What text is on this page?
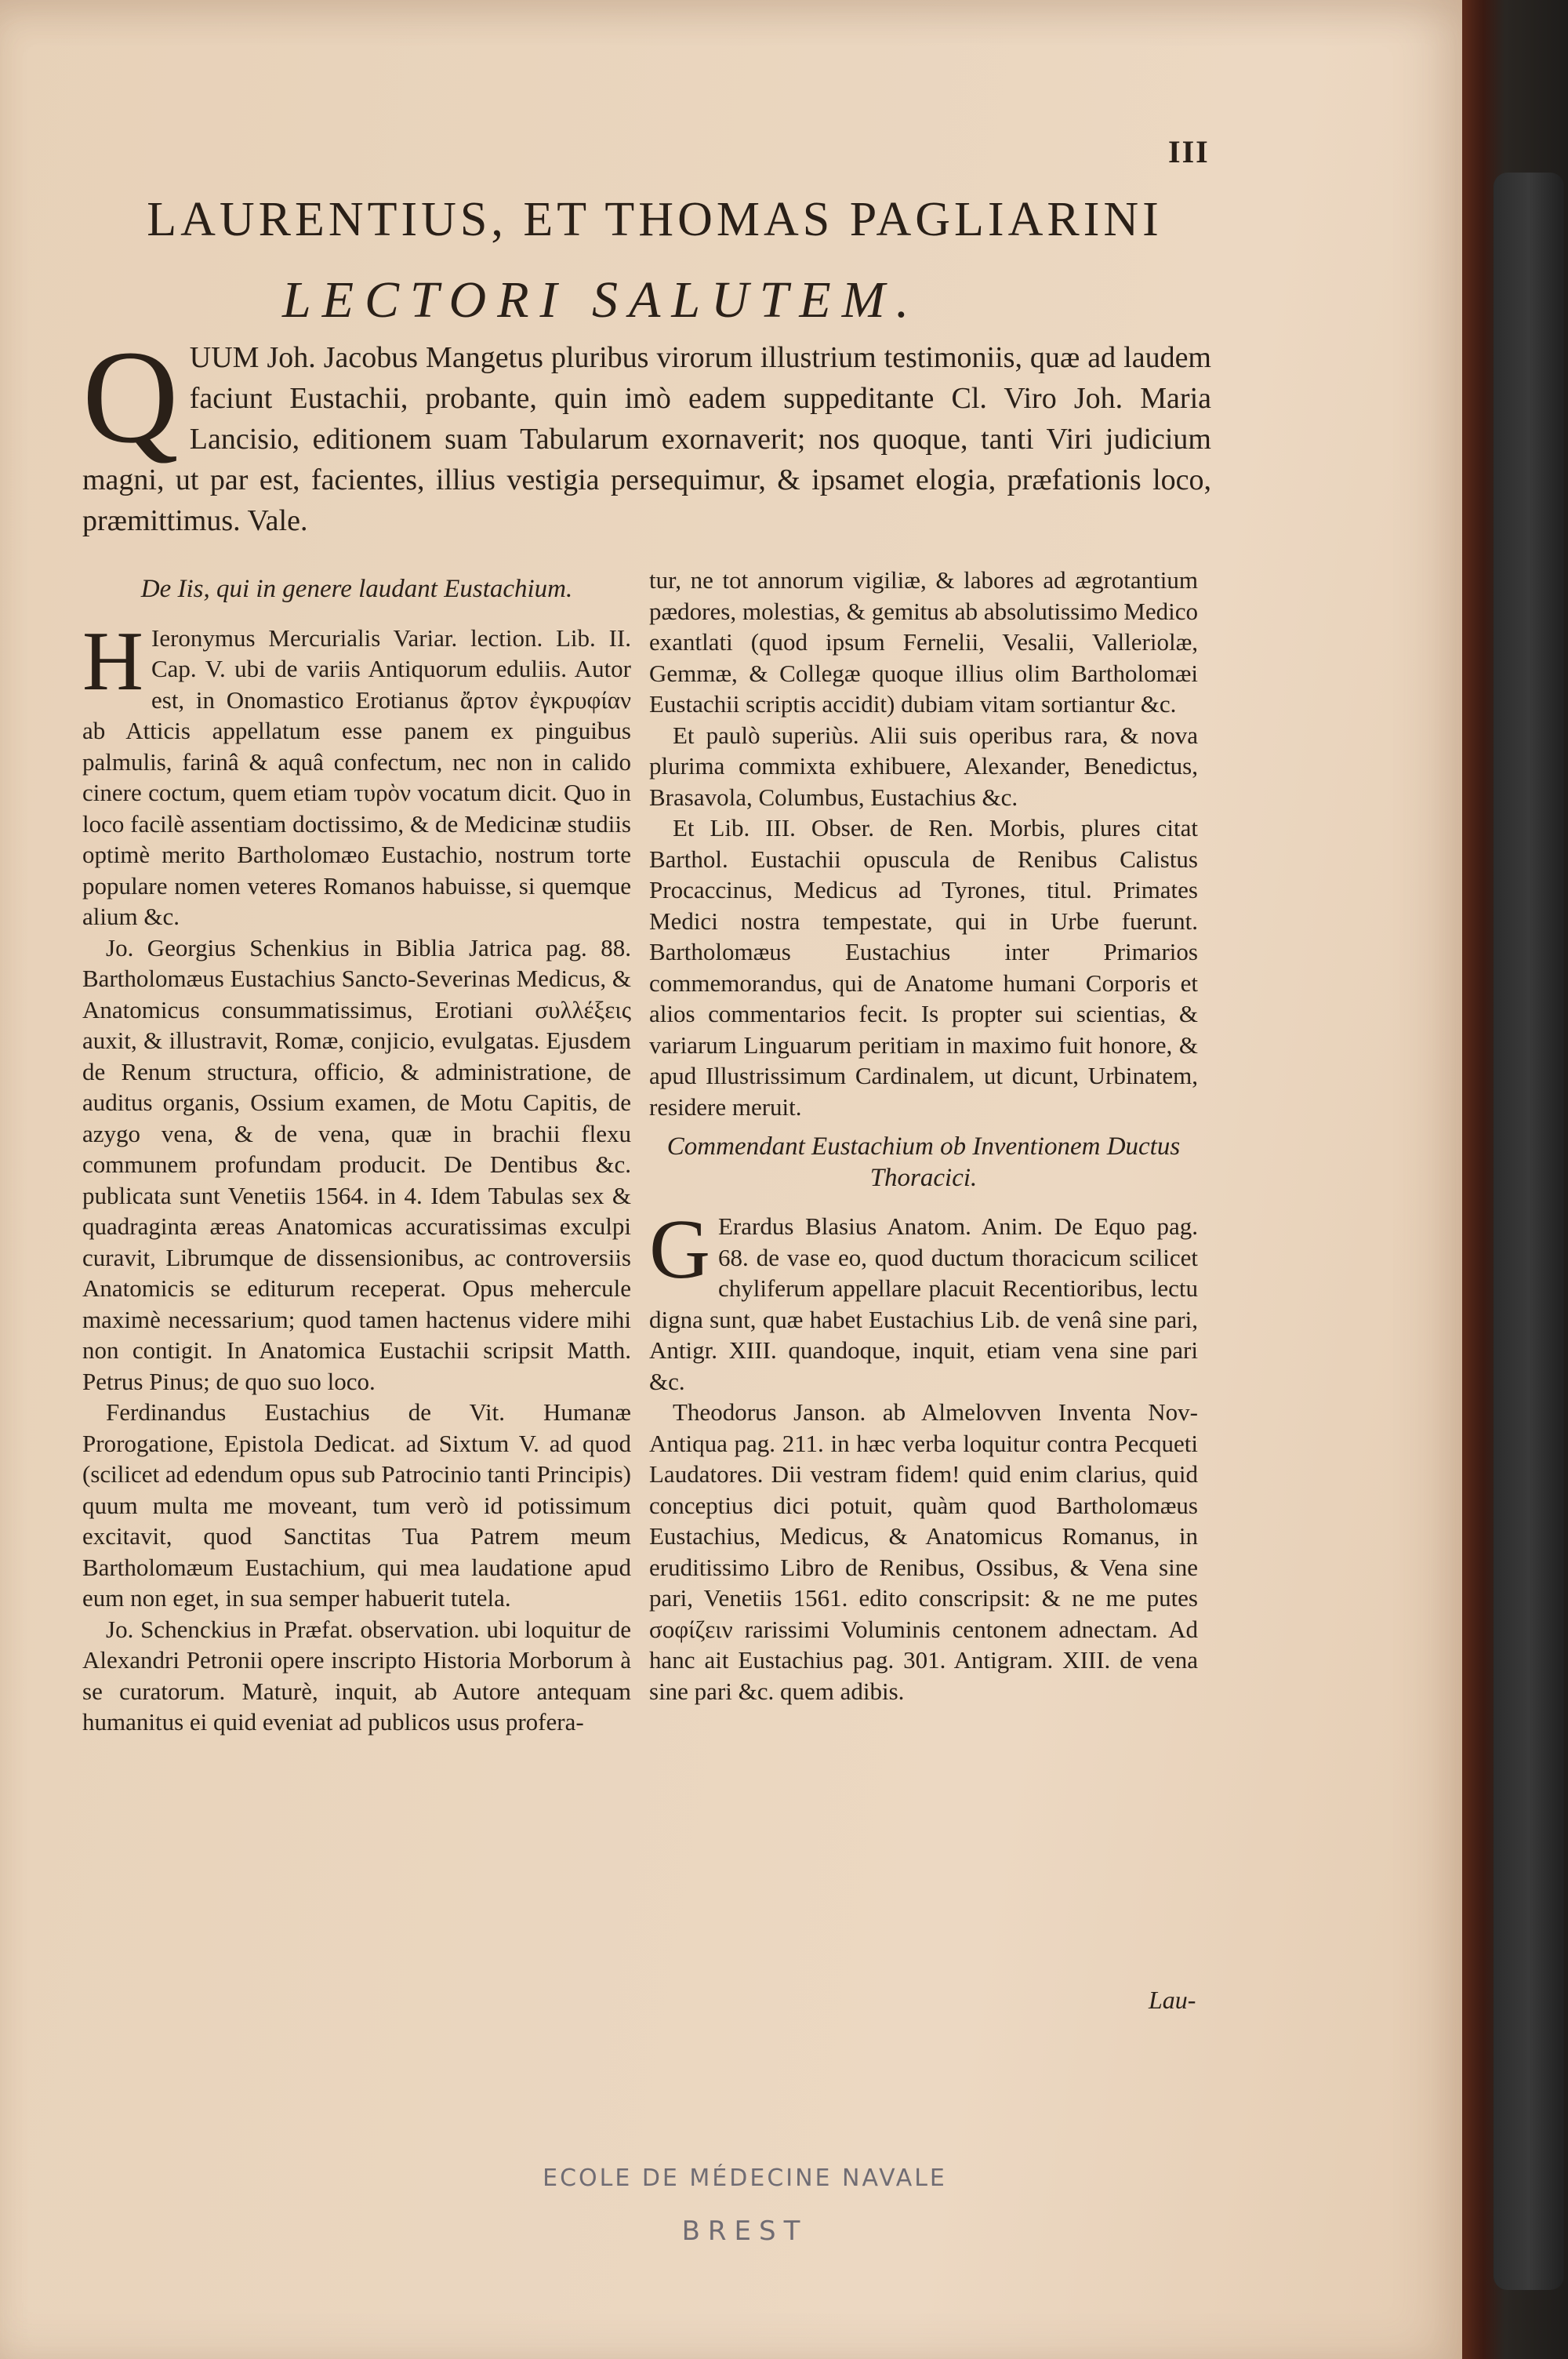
III
LAURENTIUS, ET THOMAS PAGLIARINI
LECTORI SALUTEM.
Q UUM Joh. Jacobus Mangetus pluribus virorum illustrium testimoniis, quæ ad laudem faciunt Eustachii, probante, quin imò eadem suppeditante Cl. Viro Joh. Maria Lancisio, editionem suam Tabularum exornaverit; nos quoque, tanti Viri judicium magni, ut par est, facientes, illius vestigia persequimur, & ipsamet elogia, præfationis loco, præmittimus. Vale.

De Iis, qui in genere laudant Eustachium.

H Ieronymus Mercurialis Variar. lection. Lib. II. Cap. V. ubi de variis Antiquorum eduliis. Autor est, in Onomastico Erotianus ἄρτον ἐγκρυφίαν ab Atticis appellatum esse panem ex pinguibus palmulis, farinâ & aquâ confectum, nec non in calido cinere coctum, quem etiam τυρὸν vocatum dicit. Quo in loco facilè assentiam doctissimo, & de Medicinæ studiis optimè merito Bartholomæo Eustachio, nostrum torte populare nomen veteres Romanos habuisse, si quemque alium &c.

Jo. Georgius Schenkius in Biblia Jatrica pag. 88. Bartholomæus Eustachius Sancto-Severinas Medicus, & Anatomicus consummatissimus, Erotiani συλλέξεις auxit, & illustravit, Romæ, conjicio, evulgatas. Ejusdem de Renum structura, officio, & administratione, de auditus organis, Ossium examen, de Motu Capitis, de azygo vena, & de vena, quæ in brachii flexu communem profundam producit. De Dentibus &c. publicata sunt Venetiis 1564. in 4. Idem Tabulas sex & quadraginta æreas Anatomicas accuratissimas exculpi curavit, Librumque de dissensionibus, ac controversiis Anatomicis se editurum receperat. Opus mehercule maximè necessarium; quod tamen hactenus videre mihi non contigit. In Anatomica Eustachii scripsit Matth. Petrus Pinus; de quo suo loco.

Ferdinandus Eustachius de Vit. Humanæ Prorogatione, Epistola Dedicat. ad Sixtum V. ad quod (scilicet ad edendum opus sub Patrocinio tanti Principis) quum multa me moveant, tum verò id potissimum excitavit, quod Sanctitas Tua Patrem meum Bartholomæum Eustachium, qui mea laudatione apud eum non eget, in sua semper habuerit tutela.

Jo. Schenckius in Præfat. observation. ubi loquitur de Alexandri Petronii opere inscripto Historia Morborum à se curatorum. Maturè, inquit, ab Autore antequam humanitus ei quid eveniat ad publicos usus profera-

tur, ne tot annorum vigiliæ, & labores ad ægrotantium pædores, molestias, & gemitus ab absolutissimo Medico exantlati (quod ipsum Fernelii, Vesalii, Valleriolæ, Gemmæ, & Collegæ quoque illius olim Bartholomæi Eustachii scriptis accidit) dubiam vitam sortiantur &c.

Et paulò superiùs. Alii suis operibus rara, & nova plurima commixta exhibuere, Alexander, Benedictus, Brasavola, Columbus, Eustachius &c.

Et Lib. III. Obser. de Ren. Morbis, plures citat Barthol. Eustachii opuscula de Renibus Calistus Procaccinus, Medicus ad Tyrones, titul. Primates Medici nostra tempestate, qui in Urbe fuerunt. Bartholomæus Eustachius inter Primarios commemorandus, qui de Anatome humani Corporis et alios commentarios fecit. Is propter sui scientias, & variarum Linguarum peritiam in maximo fuit honore, & apud Illustrissimum Cardinalem, ut dicunt, Urbinatem, residere meruit.

Commendant Eustachium ob Inventionem Ductus Thoracici.

G Erardus Blasius Anatom. Anim. De Equo pag. 68. de vase eo, quod ductum thoracicum scilicet chyliferum appellare placuit Recentioribus, lectu digna sunt, quæ habet Eustachius Lib. de venâ sine pari, Antigr. XIII. quandoque, inquit, etiam vena sine pari &c.

Theodorus Janson. ab Almelovven Inventa Nov-Antiqua pag. 211. in hæc verba loquitur contra Pecqueti Laudatores. Dii vestram fidem! quid enim clarius, quid conceptius dici potuit, quàm quod Bartholomæus Eustachius, Medicus, & Anatomicus Romanus, in eruditissimo Libro de Renibus, Ossibus, & Vena sine pari, Venetiis 1561. edito conscripsit: & ne me putes σοφίζειν rarissimi Voluminis centonem adnectam. Ad hanc ait Eustachius pag. 301. Antigram. XIII. de vena sine pari &c. quem adibis.

Lau-
ECOLE DE MÉDECINE NAVALE
BREST
